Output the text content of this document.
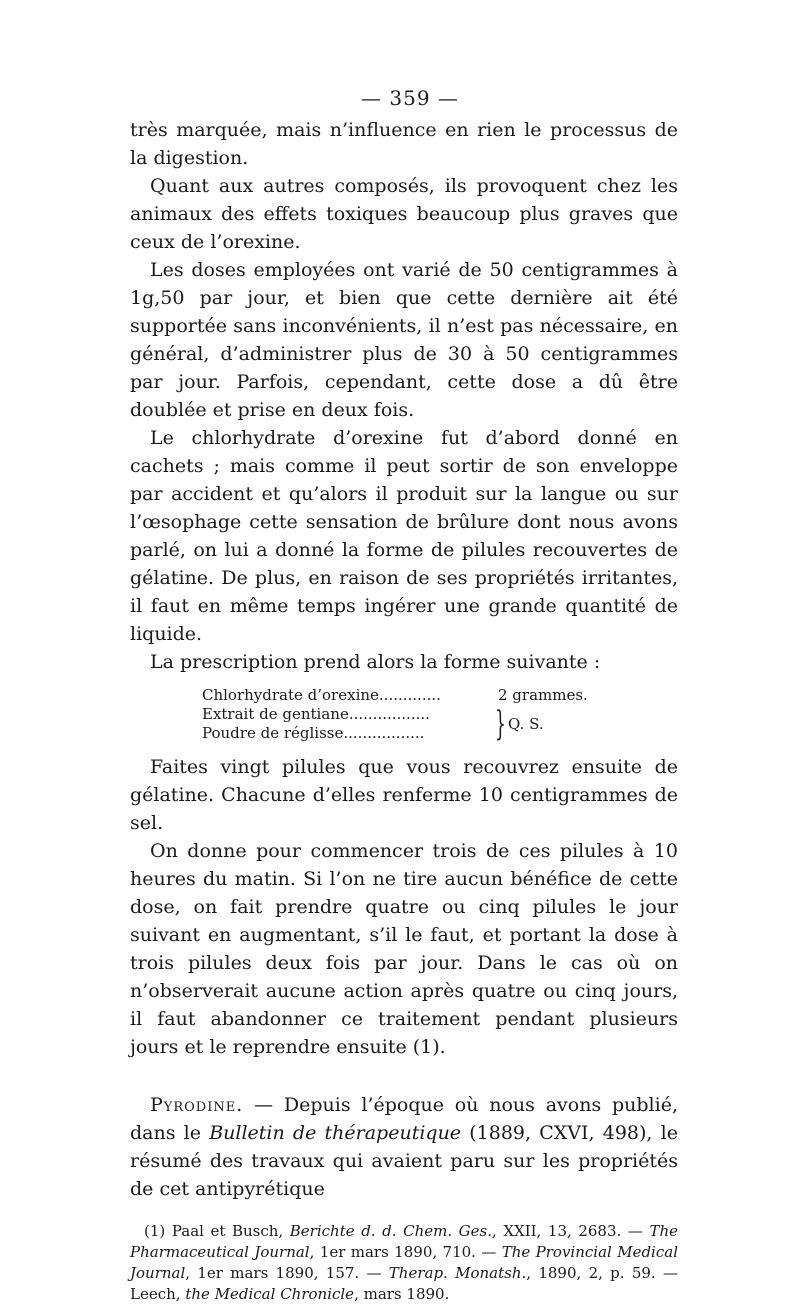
— 359 —

très marquée, mais n’influence en rien le processus de la digestion.

Quant aux autres composés, ils provoquent chez les animaux des effets toxiques beaucoup plus graves que ceux de l’orexine.

Les doses employées ont varié de 50 centigrammes à 1g,50 par jour, et bien que cette dernière ait été supportée sans inconvénients, il n’est pas nécessaire, en général, d’administrer plus de 30 à 50 centigrammes par jour. Parfois, cependant, cette dose a dû être doublée et prise en deux fois.

Le chlorhydrate d’orexine fut d’abord donné en cachets ; mais comme il peut sortir de son enveloppe par accident et qu’alors il produit sur la langue ou sur l’œsophage cette sensation de brûlure dont nous avons parlé, on lui a donné la forme de pilules recouvertes de gélatine. De plus, en raison de ses propriétés irritantes, il faut en même temps ingérer une grande quantité de liquide.

La prescription prend alors la forme suivante :

Chlorhydrate d’orexine.............	2 grammes.
Extrait de gentiane.................
Poudre de réglisse.................	} Q. S.

Faites vingt pilules que vous recouvrez ensuite de gélatine. Chacune d’elles renferme 10 centigrammes de sel.

On donne pour commencer trois de ces pilules à 10 heures du matin. Si l’on ne tire aucun bénéfice de cette dose, on fait prendre quatre ou cinq pilules le jour suivant en augmentant, s’il le faut, et portant la dose à trois pilules deux fois par jour. Dans le cas où on n’observerait aucune action après quatre ou cinq jours, il faut abandonner ce traitement pendant plusieurs jours et le reprendre ensuite (1).

Pyrodine. — Depuis l’époque où nous avons publié, dans le Bulletin de thérapeutique (1889, CXVI, 498), le résumé des travaux qui avaient paru sur les propriétés de cet antipyrétique

(1) Paal et Busch, Berichte d. d. Chem. Ges., XXII, 13, 2683. — The Pharmaceutical Journal, 1er mars 1890, 710. — The Provincial Medical Journal, 1er mars 1890, 157. — Therap. Monatsh., 1890, 2, p. 59. — Leech, the Medical Chronicle, mars 1890.
